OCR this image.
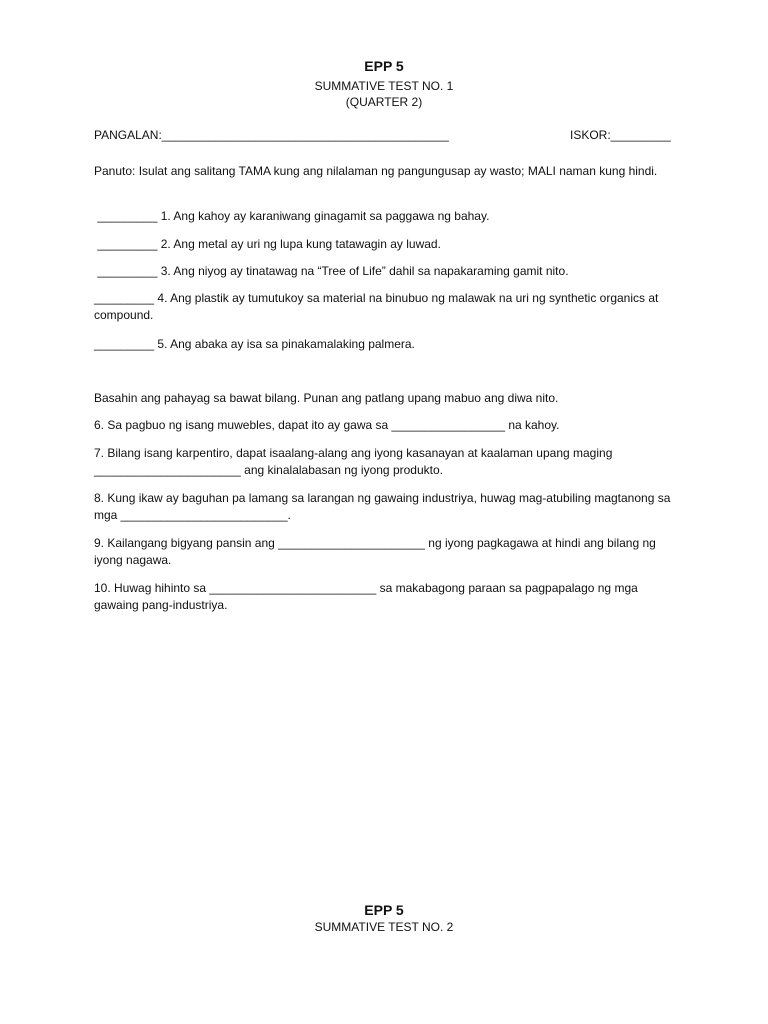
EPP 5
SUMMATIVE TEST NO. 1
(QUARTER 2)
PANGALAN:___________________________________________	ISKOR:_________
Panuto: Isulat ang salitang TAMA kung ang nilalaman ng pangungusap ay wasto; MALI naman kung hindi.
_________ 1. Ang kahoy ay karaniwang ginagamit sa paggawa ng bahay.
_________ 2. Ang metal ay uri ng lupa kung tatawagin ay luwad.
_________ 3. Ang niyog ay tinatawag na “Tree of Life” dahil sa napakaraming gamit nito.
_________ 4. Ang plastik ay tumutukoy sa material na binubuo ng malawak na uri ng synthetic organics at compound.
_________ 5. Ang abaka ay isa sa pinakamalaking palmera.
Basahin ang pahayag sa bawat bilang. Punan ang patlang upang mabuo ang diwa nito.
6. Sa pagbuo ng isang muwebles, dapat ito ay gawa sa _________________ na kahoy.
7. Bilang isang karpentiro, dapat isaalang-alang ang iyong kasanayan at kaalaman upang maging ______________________ ang kinalalabasan ng iyong produkto.
8. Kung ikaw ay baguhan pa lamang sa larangan ng gawaing industriya, huwag mag-atubiling magtanong sa mga _________________________.
9. Kailangang bigyang pansin ang ______________________ ng iyong pagkagawa at hindi ang bilang ng iyong nagawa.
10. Huwag hihinto sa _________________________ sa makabagong paraan sa pagpapalago ng mga gawaing pang-industriya.
EPP 5
SUMMATIVE TEST NO. 2
